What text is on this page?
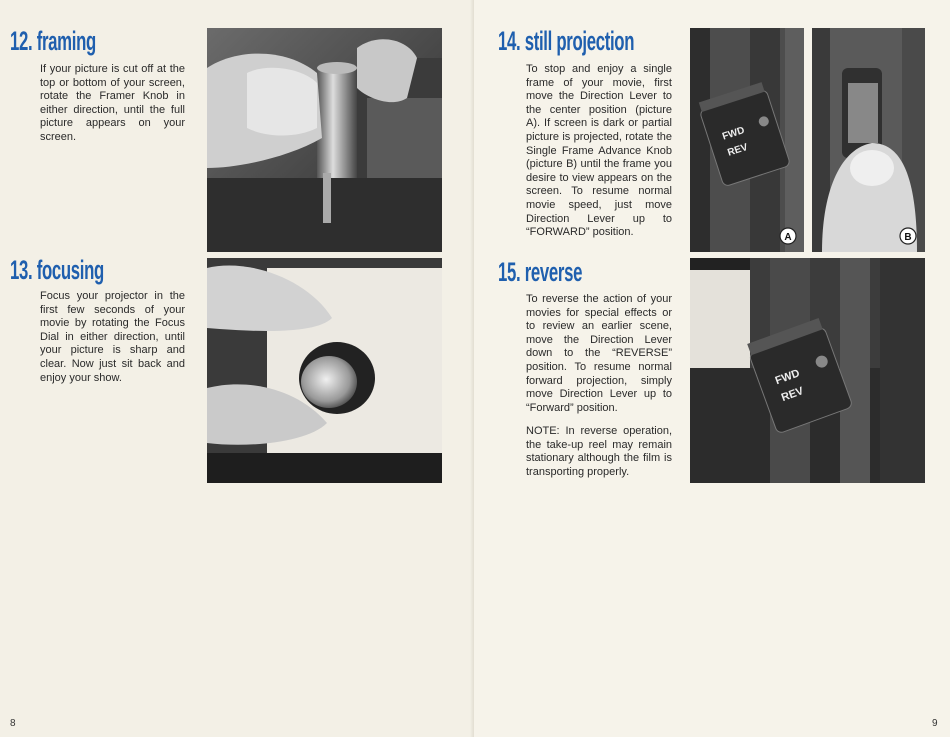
12. framing

If your picture is cut off at the top or bottom of your screen, rotate the Framer Knob in either direction, until the full picture appears on your screen.

13. focusing

Focus your projector in the first few seconds of your movie by rotating the Focus Dial in either direction, until your picture is sharp and clear. Now just sit back and enjoy your show.

8
14. still projection

To stop and enjoy a single frame of your movie, first move the Direction Lever to the center position (picture A). If screen is dark or partial picture is projected, rotate the Single Frame Advance Knob (picture B) until the frame you desire to view appears on the screen. To resume normal movie speed, just move Direction Lever up to “FORWARD” position.

15. reverse

To reverse the action of your movies for special effects or to review an earlier scene, move the Direction Lever down to the “REVERSE” position. To resume normal forward projection, simply move Direction Lever up to “Forward” position.

NOTE: In reverse operation, the take-up reel may remain stationary although the film is transporting properly.

FWD
REV
A	B
FWD
REV
9
